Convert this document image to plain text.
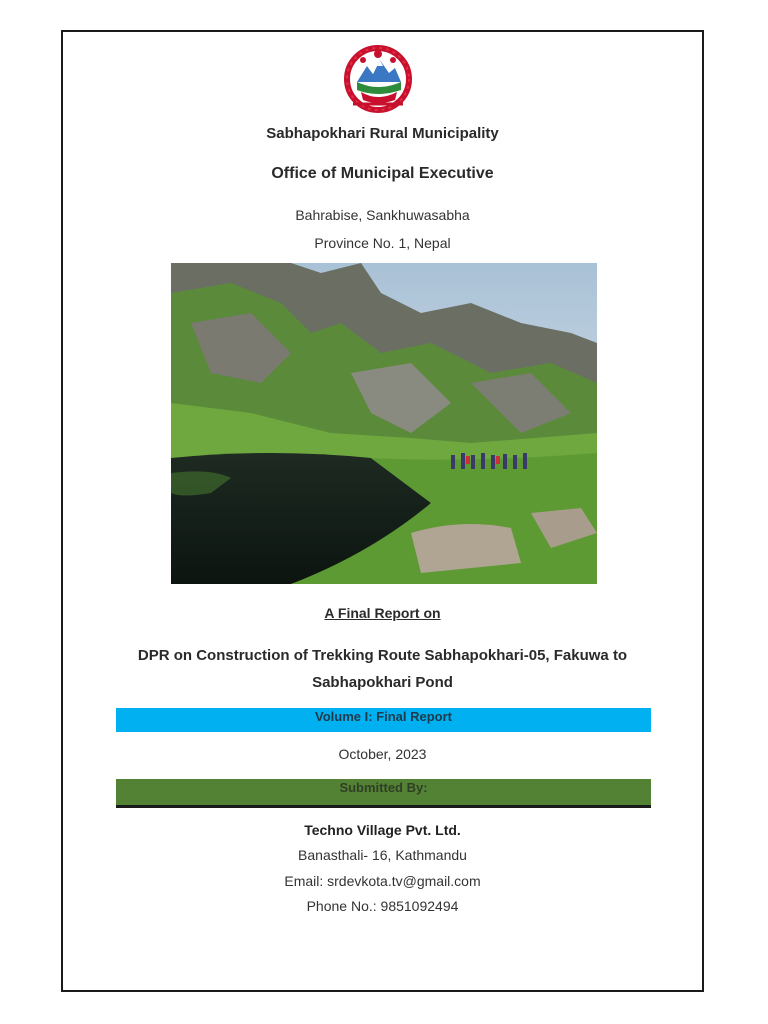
Sabhapokhari Rural Municipality
Office of Municipal Executive
Bahrabise, Sankhuwasabha
Province No. 1, Nepal
A Final Report on
DPR on Construction of Trekking Route Sabhapokhari-05, Fakuwa to Sabhapokhari Pond
Volume I: Final Report
October, 2023
Submitted By:
Techno Village Pvt. Ltd.
Banasthali- 16, Kathmandu
Email: srdevkota.tv@gmail.com
Phone No.: 9851092494
